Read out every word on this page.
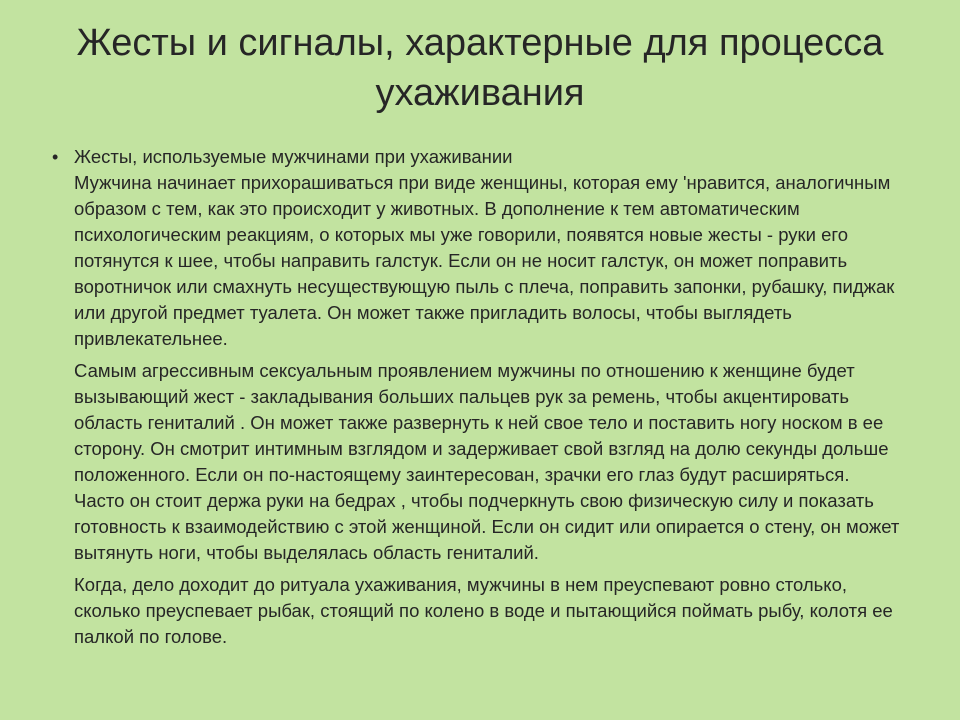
Жесты и сигналы, характерные для процесса ухаживания
• Жесты, используемые мужчинами при ухаживании

Мужчина начинает прихорашиваться при виде женщины, которая ему 'нравится, аналогичным образом с тем, как это происходит у животных. В дополнение к тем автоматическим психологическим реакциям, о которых мы уже говорили, появятся новые жесты - руки его потянутся к шее, чтобы направить галстук. Если он не носит галстук, он может поправить воротничок или смахнуть несуществующую пыль с плеча, поправить запонки, рубашку, пиджак или другой предмет туалета. Он может также пригладить волосы, чтобы выглядеть привлекательнее.

Самым агрессивным сексуальным проявлением мужчины по отношению к женщине будет вызывающий жест - закладывания больших пальцев рук за ремень, чтобы акцентировать область гениталий . Он может также развернуть к ней свое тело и поставить ногу носком в ее сторону. Он смотрит интимным взглядом и задерживает свой взгляд на долю секунды дольше положенного. Если он по-настоящему заинтересован, зрачки его глаз будут расширяться. Часто он стоит держа руки на бедрах , чтобы подчеркнуть свою физическую силу и показать готовность к взаимодействию с этой женщиной. Если он сидит или опирается о стену, он может вытянуть ноги, чтобы выделялась область гениталий.

Когда, дело доходит до ритуала ухаживания, мужчины в нем преуспевают ровно столько, сколько преуспевает рыбак, стоящий по колено в воде и пытающийся поймать рыбу, колотя ее палкой по голове.
